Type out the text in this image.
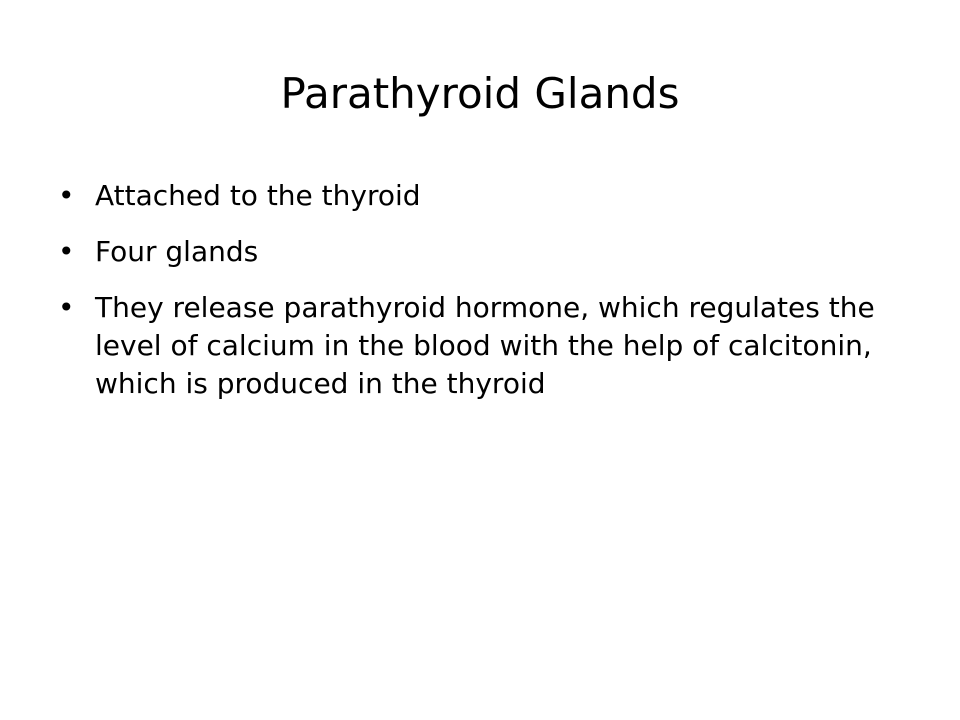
Parathyroid Glands
• Attached to the thyroid
• Four glands
• They release parathyroid hormone, which regulates the level of calcium in the blood with the help of calcitonin, which is produced in the thyroid
